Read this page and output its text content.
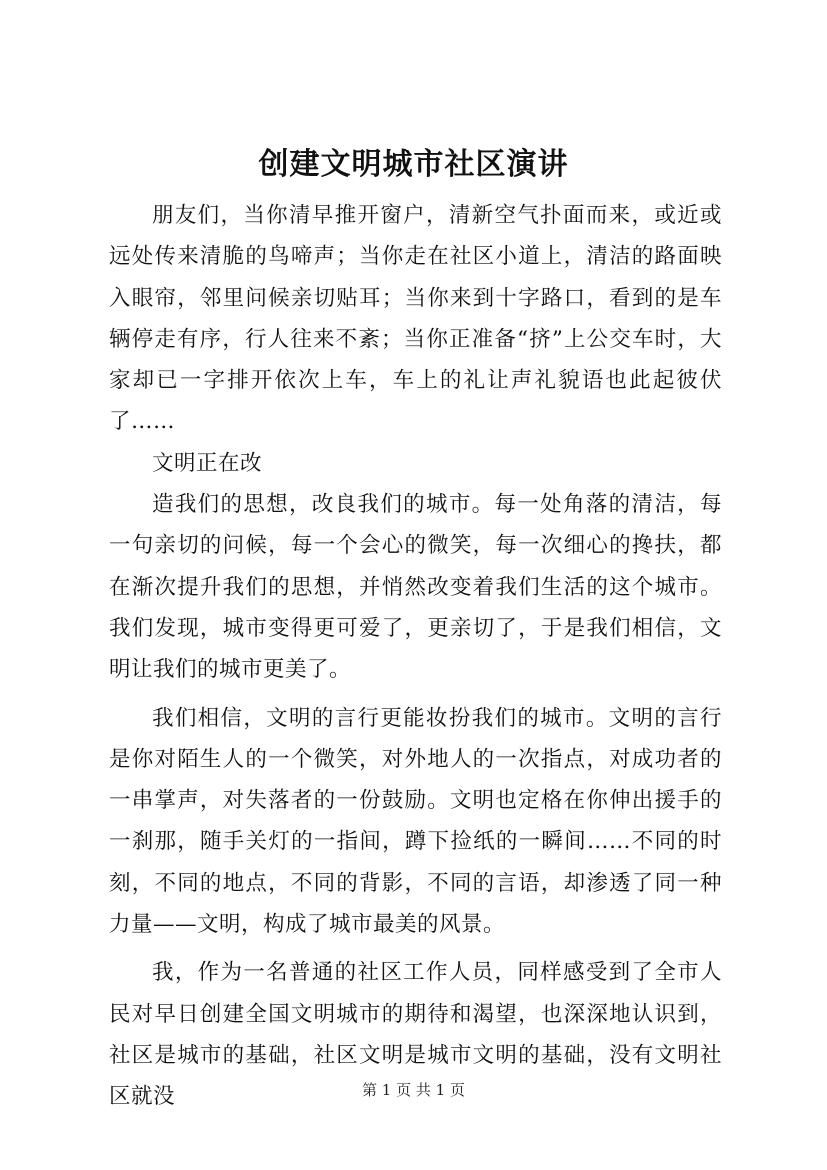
创建文明城市社区演讲

朋友们，当你清早推开窗户，清新空气扑面而来，或近或远处传来清脆的鸟啼声；当你走在社区小道上，清洁的路面映入眼帘，邻里问候亲切贴耳；当你来到十字路口，看到的是车辆停走有序，行人往来不紊；当你正准备“挤”上公交车时，大家却已一字排开依次上车，车上的礼让声礼貌语也此起彼伏了……

文明正在改

造我们的思想，改良我们的城市。每一处角落的清洁，每一句亲切的问候，每一个会心的微笑，每一次细心的搀扶，都在渐次提升我们的思想，并悄然改变着我们生活的这个城市。我们发现，城市变得更可爱了，更亲切了，于是我们相信，文明让我们的城市更美了。

我们相信，文明的言行更能妆扮我们的城市。文明的言行是你对陌生人的一个微笑，对外地人的一次指点，对成功者的一串掌声，对失落者的一份鼓励。文明也定格在你伸出援手的一刹那，随手关灯的一指间，蹲下捡纸的一瞬间……不同的时刻，不同的地点，不同的背影，不同的言语，却渗透了同一种力量——文明，构成了城市最美的风景。

我，作为一名普通的社区工作人员，同样感受到了全市人民对早日创建全国文明城市的期待和渴望，也深深地认识到，社区是城市的基础，社区文明是城市文明的基础，没有文明社区就没	第 1 页 共 1 页
